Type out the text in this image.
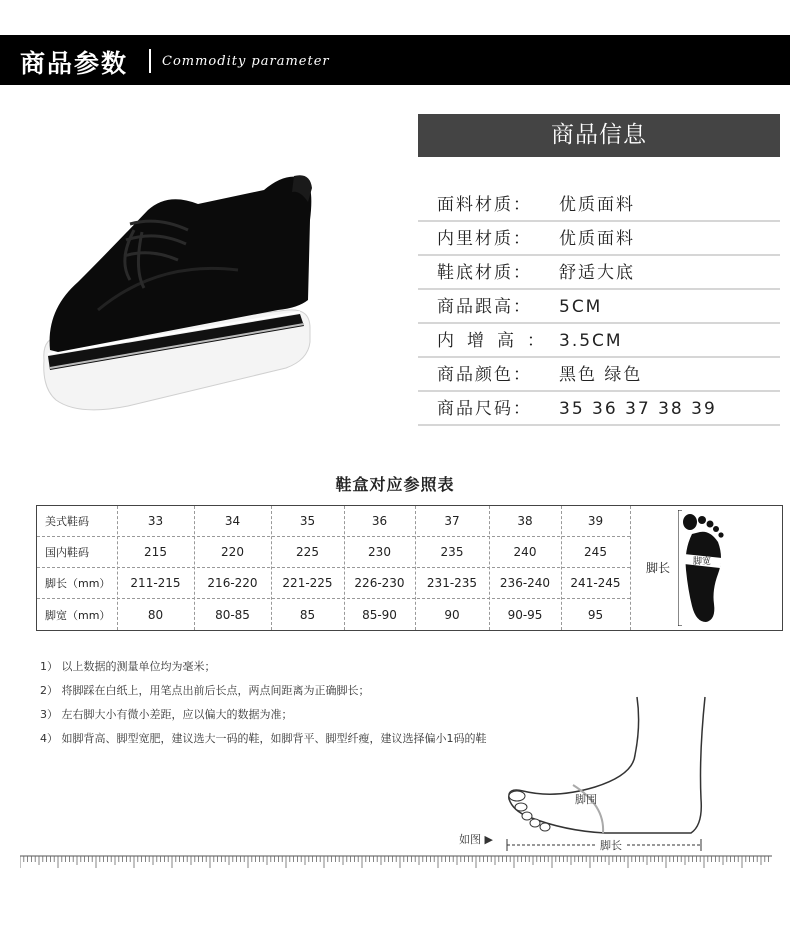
商品参数	Commodity parameter
商品信息
面料材质： 优质面料
内里材质： 优质面料
鞋底材质： 舒适大底
商品跟高： 5CM
内增高： 3.5CM
商品颜色： 黑色 绿色
商品尺码： 35 36 37 38 39
鞋盒对应参照表
美式鞋码	33	34	35	36	37	38	39
国内鞋码	215	220	225	230	235	240	245
脚长（mm）	211-215	216-220	221-225	226-230	231-235	236-240	241-245
脚宽（mm）	80	80-85	85	85-90	90	90-95	95
脚长	脚宽
1） 以上数据的测量单位均为毫米；
2） 将脚踩在白纸上，用笔点出前后长点，两点间距离为正确脚长；
3） 左右脚大小有微小差距，应以偏大的数据为准；
4） 如脚背高、脚型宽肥，建议选大一码的鞋，如脚背平、脚型纤瘦，建议选择偏小1码的鞋
脚围
脚长
如图 ▶
